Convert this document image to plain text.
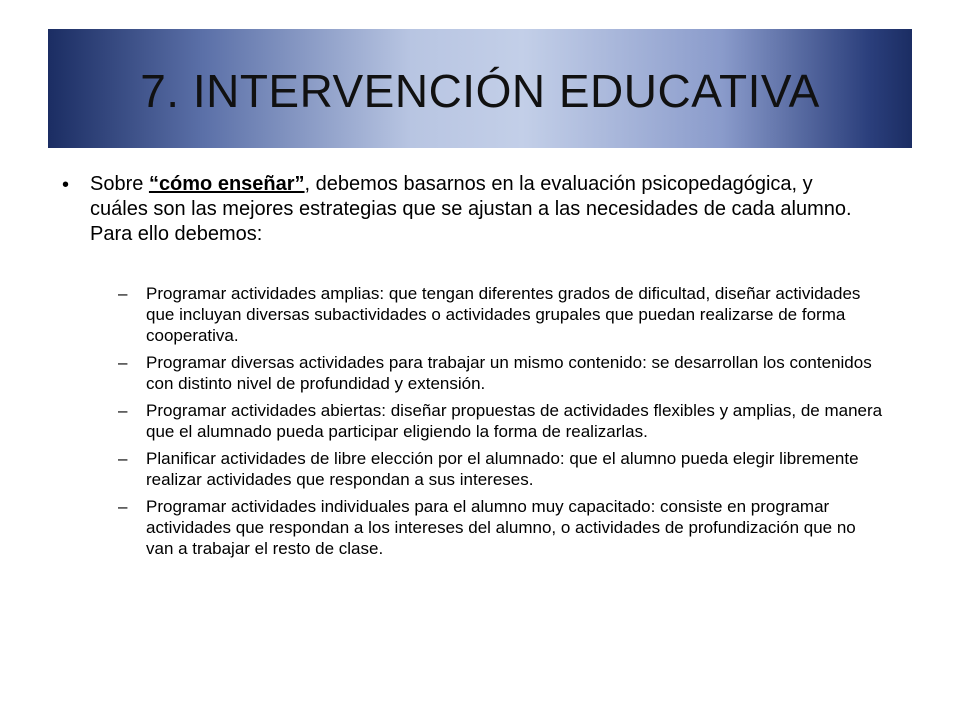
7. INTERVENCIÓN EDUCATIVA
•	Sobre “cómo enseñar”, debemos basarnos en la evaluación psicopedagógica, y cuáles son las mejores estrategias que se ajustan a las necesidades de cada alumno. Para ello debemos:
–	Programar actividades amplias: que tengan diferentes grados de dificultad, diseñar actividades que incluyan diversas subactividades o actividades grupales que puedan realizarse de forma cooperativa.
–	Programar diversas actividades para trabajar un mismo contenido: se desarrollan los contenidos con distinto nivel de profundidad y extensión.
–	Programar actividades abiertas: diseñar propuestas de actividades flexibles y amplias, de manera que el alumnado pueda participar eligiendo la forma de realizarlas.
–	Planificar actividades de libre elección por el alumnado: que el alumno pueda elegir libremente realizar actividades que respondan a sus intereses.
–	Programar actividades individuales para el alumno muy capacitado: consiste en programar actividades que respondan a los intereses del alumno, o actividades de profundización que no van a trabajar el resto de clase.
